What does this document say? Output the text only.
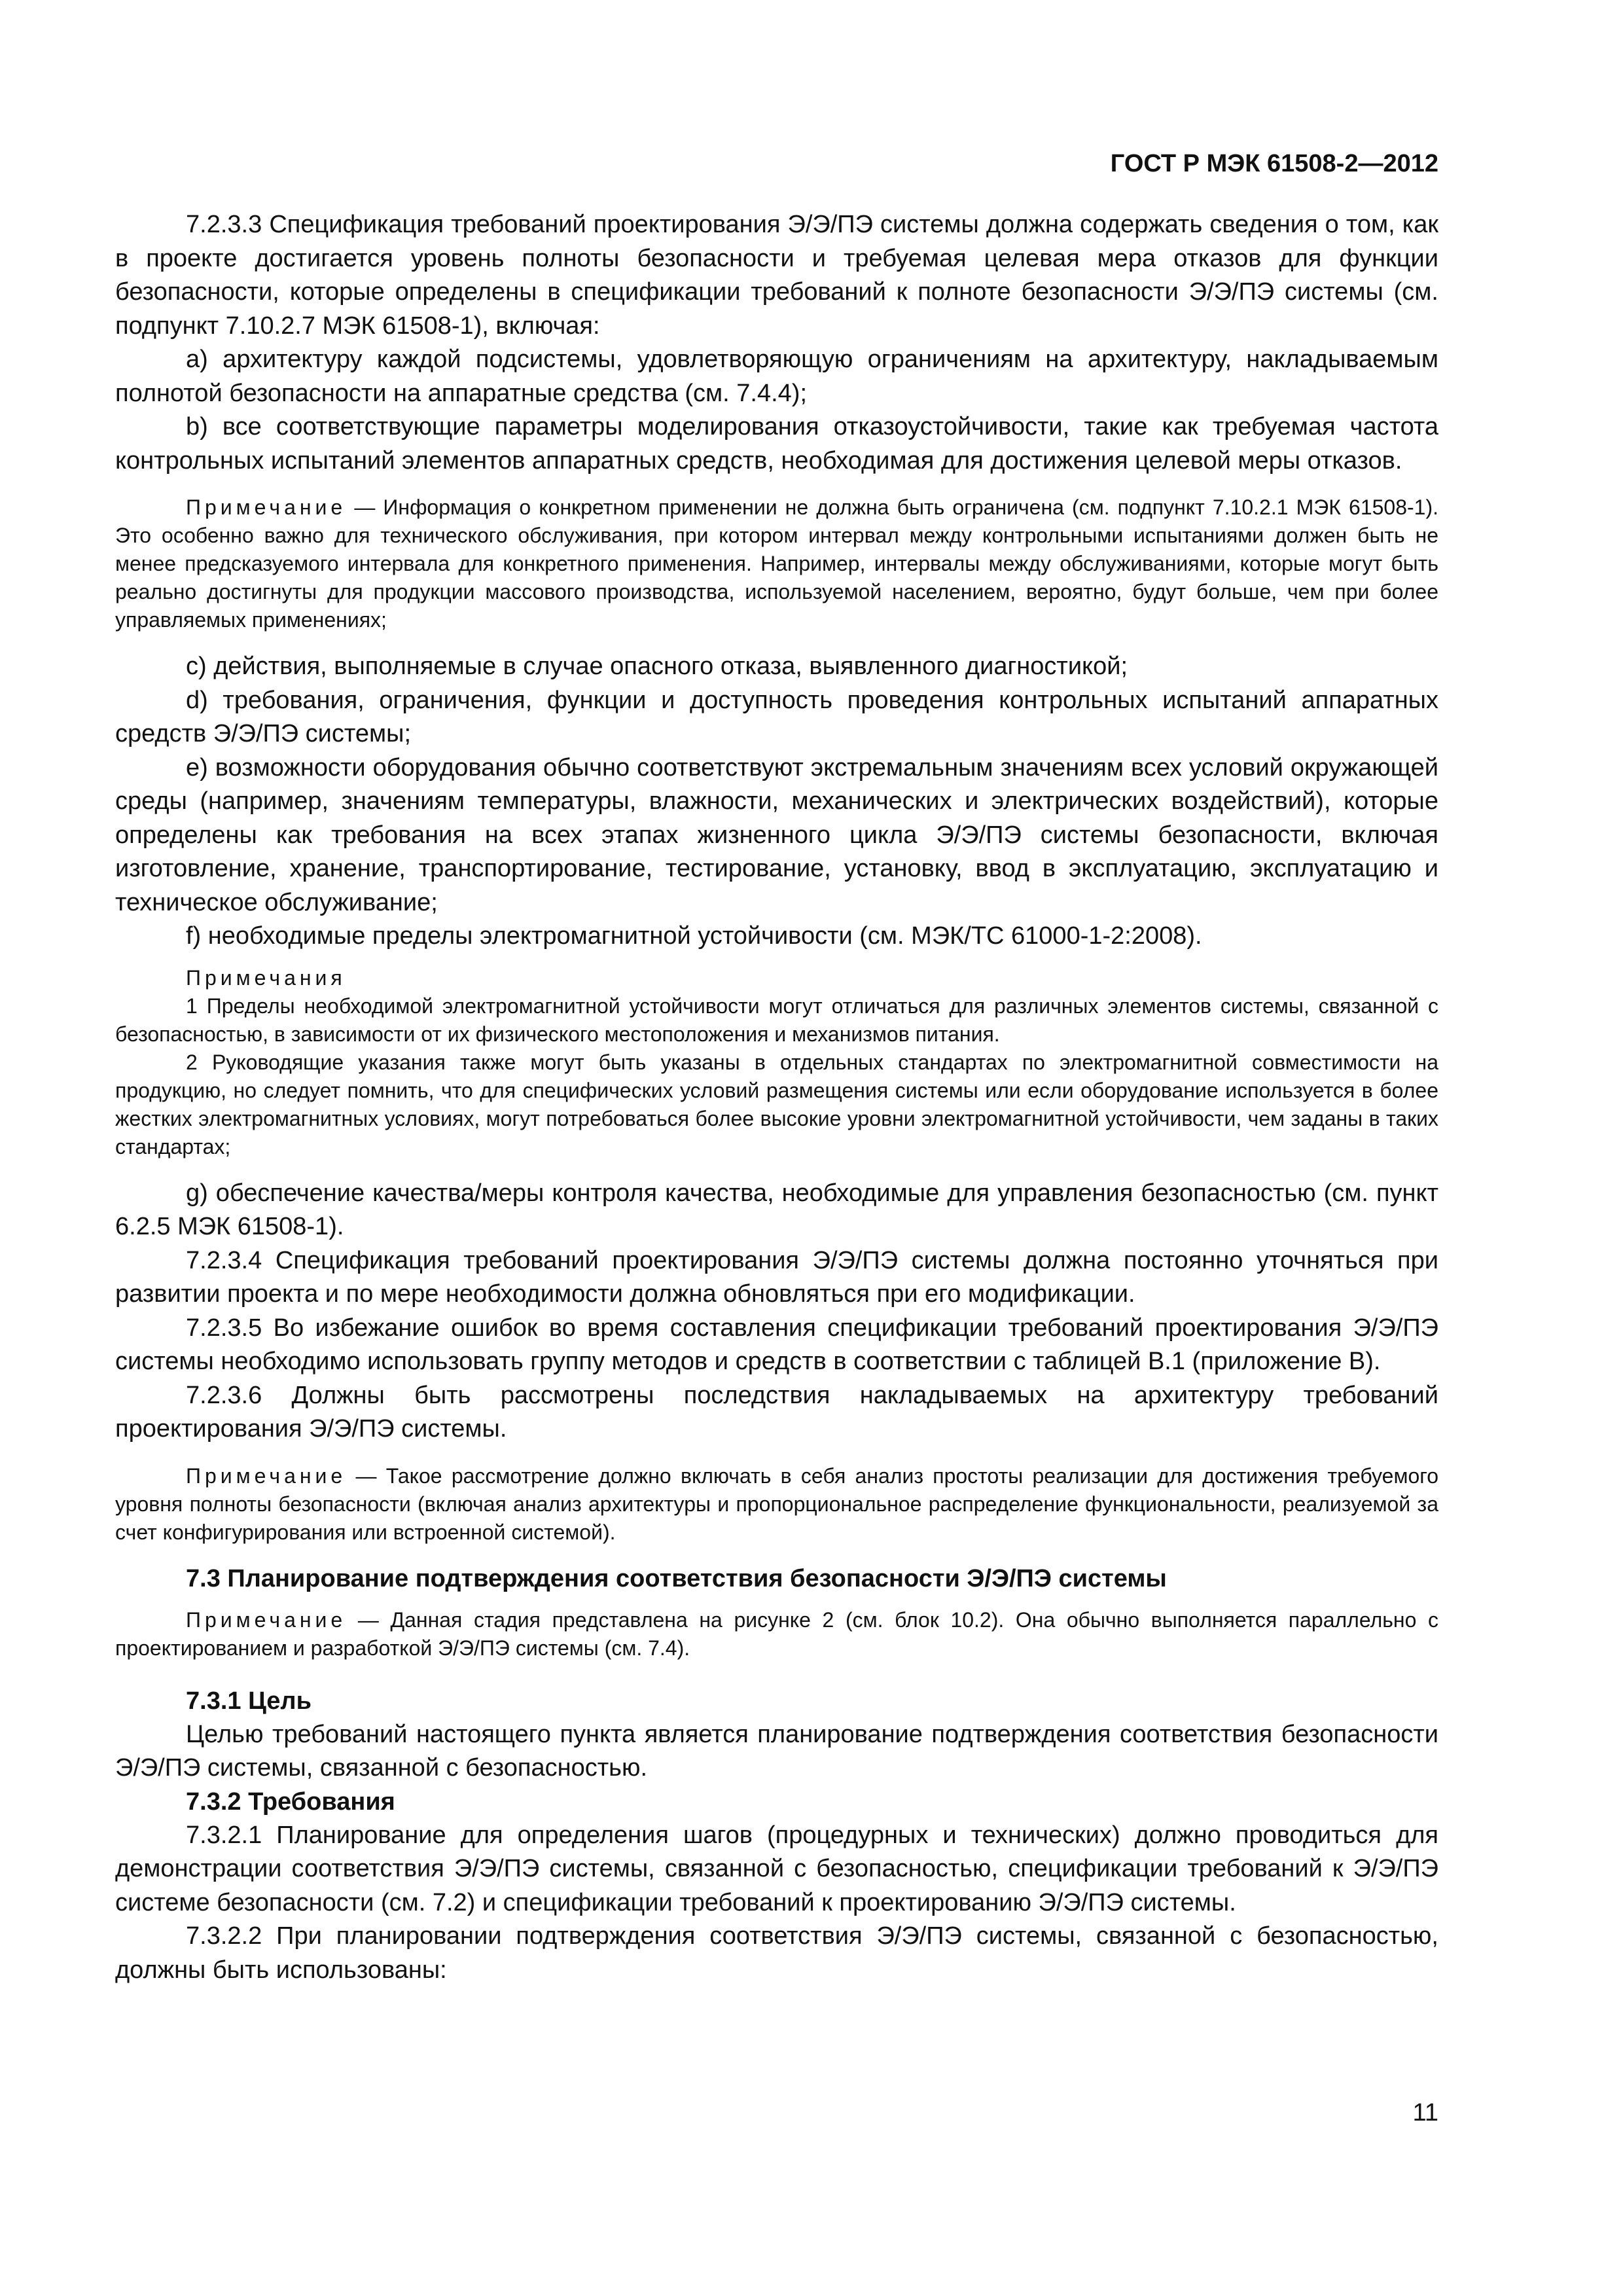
ГОСТ Р МЭК 61508-2—2012

7.2.3.3 Спецификация требований проектирования Э/Э/ПЭ системы должна содержать сведения о том, как в проекте достигается уровень полноты безопасности и требуемая целевая мера отказов для функции безопасности, которые определены в спецификации требований к полноте безопасности Э/Э/ПЭ системы (см. подпункт 7.10.2.7 МЭК 61508-1), включая:

a) архитектуру каждой подсистемы, удовлетворяющую ограничениям на архитектуру, накладываемым полнотой безопасности на аппаратные средства (см. 7.4.4);

b) все соответствующие параметры моделирования отказоустойчивости, такие как требуемая частота контрольных испытаний элементов аппаратных средств, необходимая для достижения целевой меры отказов.

Примечание — Информация о конкретном применении не должна быть ограничена (см. подпункт 7.10.2.1 МЭК 61508-1). Это особенно важно для технического обслуживания, при котором интервал между контрольными испытаниями должен быть не менее предсказуемого интервала для конкретного применения. Например, интервалы между обслуживаниями, которые могут быть реально достигнуты для продукции массового производства, используемой населением, вероятно, будут больше, чем при более управляемых применениях;

c) действия, выполняемые в случае опасного отказа, выявленного диагностикой;

d) требования, ограничения, функции и доступность проведения контрольных испытаний аппаратных средств Э/Э/ПЭ системы;

e) возможности оборудования обычно соответствуют экстремальным значениям всех условий окружающей среды (например, значениям температуры, влажности, механических и электрических воздействий), которые определены как требования на всех этапах жизненного цикла Э/Э/ПЭ системы безопасности, включая изготовление, хранение, транспортирование, тестирование, установку, ввод в эксплуатацию, эксплуатацию и техническое обслуживание;

f) необходимые пределы электромагнитной устойчивости (см. МЭК/ТС 61000-1-2:2008).

Примечания

1 Пределы необходимой электромагнитной устойчивости могут отличаться для различных элементов системы, связанной с безопасностью, в зависимости от их физического местоположения и механизмов питания.

2 Руководящие указания также могут быть указаны в отдельных стандартах по электромагнитной совместимости на продукцию, но следует помнить, что для специфических условий размещения системы или если оборудование используется в более жестких электромагнитных условиях, могут потребоваться более высокие уровни электромагнитной устойчивости, чем заданы в таких стандартах;

g) обеспечение качества/меры контроля качества, необходимые для управления безопасностью (см. пункт 6.2.5 МЭК 61508-1).

7.2.3.4 Спецификация требований проектирования Э/Э/ПЭ системы должна постоянно уточняться при развитии проекта и по мере необходимости должна обновляться при его модификации.

7.2.3.5 Во избежание ошибок во время составления спецификации требований проектирования Э/Э/ПЭ системы необходимо использовать группу методов и средств в соответствии с таблицей В.1 (приложение В).

7.2.3.6 Должны быть рассмотрены последствия накладываемых на архитектуру требований проектирования Э/Э/ПЭ системы.

Примечание — Такое рассмотрение должно включать в себя анализ простоты реализации для достижения требуемого уровня полноты безопасности (включая анализ архитектуры и пропорциональное распределение функциональности, реализуемой за счет конфигурирования или встроенной системой).

7.3 Планирование подтверждения соответствия безопасности Э/Э/ПЭ системы

Примечание — Данная стадия представлена на рисунке 2 (см. блок 10.2). Она обычно выполняется параллельно с проектированием и разработкой Э/Э/ПЭ системы (см. 7.4).

7.3.1 Цель

Целью требований настоящего пункта является планирование подтверждения соответствия безопасности Э/Э/ПЭ системы, связанной с безопасностью.

7.3.2 Требования

7.3.2.1 Планирование для определения шагов (процедурных и технических) должно проводиться для демонстрации соответствия Э/Э/ПЭ системы, связанной с безопасностью, спецификации требований к Э/Э/ПЭ системе безопасности (см. 7.2) и спецификации требований к проектированию Э/Э/ПЭ системы.

7.3.2.2 При планировании подтверждения соответствия Э/Э/ПЭ системы, связанной с безопасностью, должны быть использованы:

11
